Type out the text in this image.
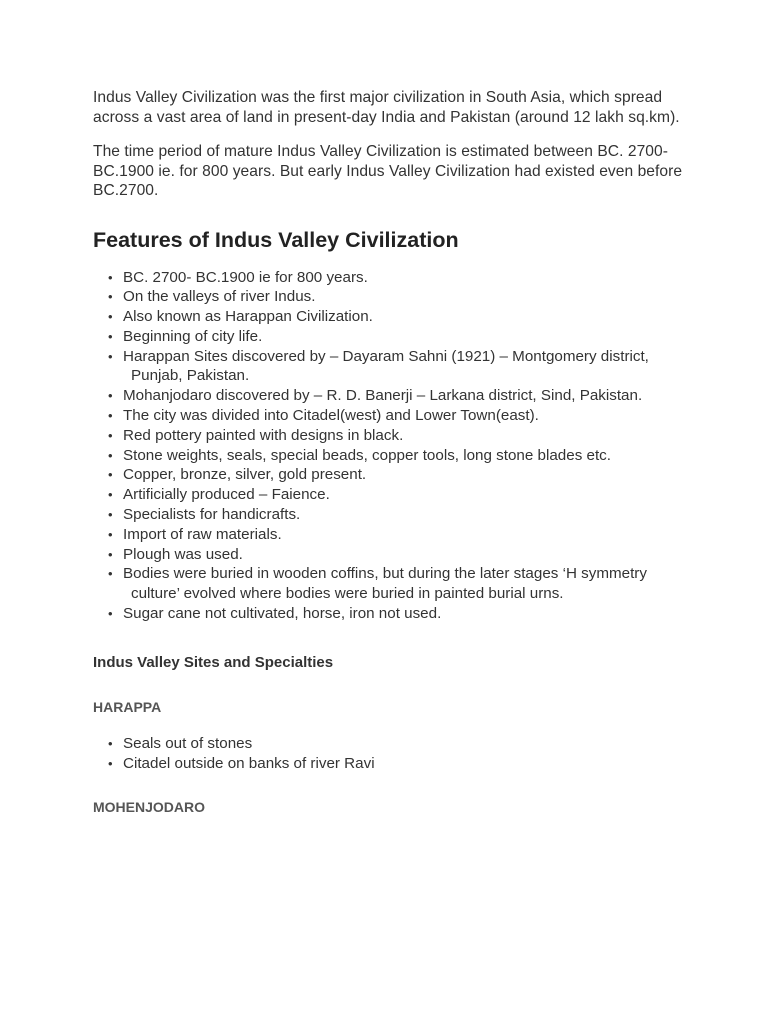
Indus Valley Civilization was the first major civilization in South Asia, which spread across a vast area of land in present-day India and Pakistan (around 12 lakh sq.km).

The time period of mature Indus Valley Civilization is estimated between BC. 2700- BC.1900 ie. for 800 years. But early Indus Valley Civilization had existed even before BC.2700.

Features of Indus Valley Civilization
• BC. 2700- BC.1900 ie for 800 years.
• On the valleys of river Indus.
• Also known as Harappan Civilization.
• Beginning of city life.
• Harappan Sites discovered by – Dayaram Sahni (1921) – Montgomery district, Punjab, Pakistan.
• Mohanjodaro discovered by – R. D. Banerji – Larkana district, Sind, Pakistan.
• The city was divided into Citadel(west) and Lower Town(east).
• Red pottery painted with designs in black.
• Stone weights, seals, special beads, copper tools, long stone blades etc.
• Copper, bronze, silver, gold present.
• Artificially produced – Faience.
• Specialists for handicrafts.
• Import of raw materials.
• Plough was used.
• Bodies were buried in wooden coffins, but during the later stages ‘H symmetry culture’ evolved where bodies were buried in painted burial urns.
• Sugar cane not cultivated, horse, iron not used.
Indus Valley Sites and Specialties
HARAPPA
• Seals out of stones
• Citadel outside on banks of river Ravi
MOHENJODARO
